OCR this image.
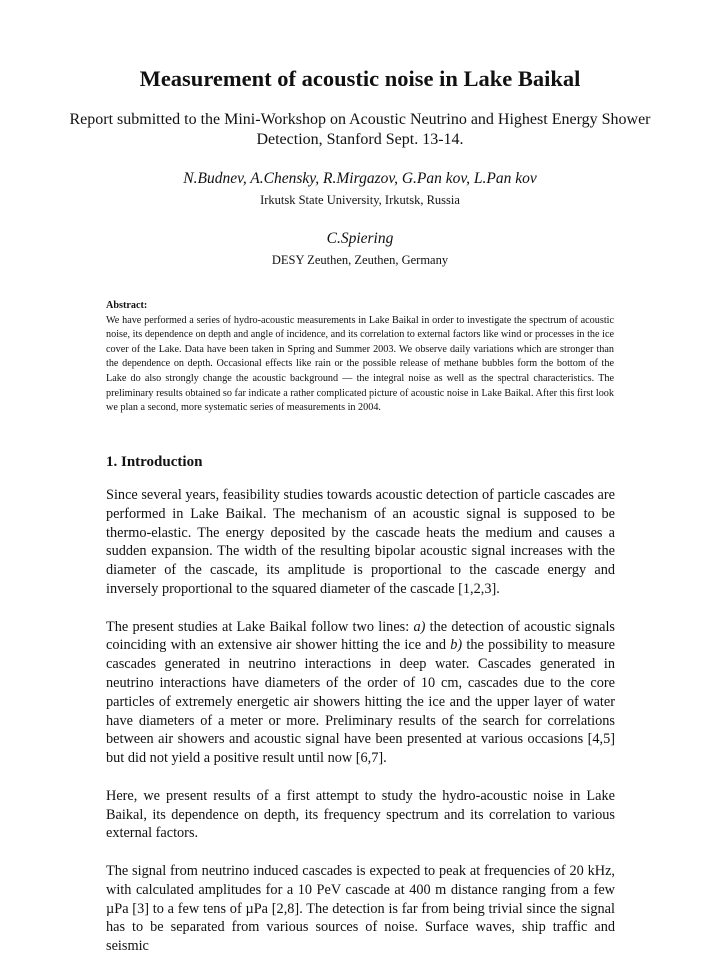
Measurement of acoustic noise in Lake Baikal
Report submitted to the Mini-Workshop on Acoustic Neutrino and Highest Energy Shower Detection, Stanford Sept. 13-14.
N.Budnev, A.Chensky, R.Mirgazov, G.Pan kov, L.Pan kov
Irkutsk State University, Irkutsk, Russia
C.Spiering
DESY Zeuthen, Zeuthen, Germany
Abstract:

We have performed a series of hydro-acoustic measurements in Lake Baikal in order to investigate the spectrum of acoustic noise, its dependence on depth and angle of incidence, and its correlation to external factors like wind or processes in the ice cover of the Lake. Data have been taken in Spring and Summer 2003. We observe daily variations which are stronger than the dependence on depth. Occasional effects like rain or the possible release of methane bubbles form the bottom of the Lake do also strongly change the acoustic background — the integral noise as well as the spectral characteristics. The preliminary results obtained so far indicate a rather complicated picture of acoustic noise in Lake Baikal. After this first look we plan a second, more systematic series of measurements in 2004.

1. Introduction

Since several years, feasibility studies towards acoustic detection of particle cascades are performed in Lake Baikal. The mechanism of an acoustic signal is supposed to be thermo-elastic. The energy deposited by the cascade heats the medium and causes a sudden expansion. The width of the resulting bipolar acoustic signal increases with the diameter of the cascade, its amplitude is proportional to the cascade energy and inversely proportional to the squared diameter of the cascade [1,2,3].

The present studies at Lake Baikal follow two lines: a) the detection of acoustic signals coinciding with an extensive air shower hitting the ice and b) the possibility to measure cascades generated in neutrino interactions in deep water. Cascades generated in neutrino interactions have diameters of the order of 10 cm, cascades due to the core particles of extremely energetic air showers hitting the ice and the upper layer of water have diameters of a meter or more. Preliminary results of the search for correlations between air showers and acoustic signal have been presented at various occasions [4,5] but did not yield a positive result until now [6,7].

Here, we present results of a first attempt to study the hydro-acoustic noise in Lake Baikal, its dependence on depth, its frequency spectrum and its correlation to various external factors.

The signal from neutrino induced cascades is expected to peak at frequencies of 20 kHz, with calculated amplitudes for a 10 PeV cascade at 400 m distance ranging from a few µPa [3] to a few tens of µPa [2,8]. The detection is far from being trivial since the signal has to be separated from various sources of noise. Surface waves, ship traffic and seismic
